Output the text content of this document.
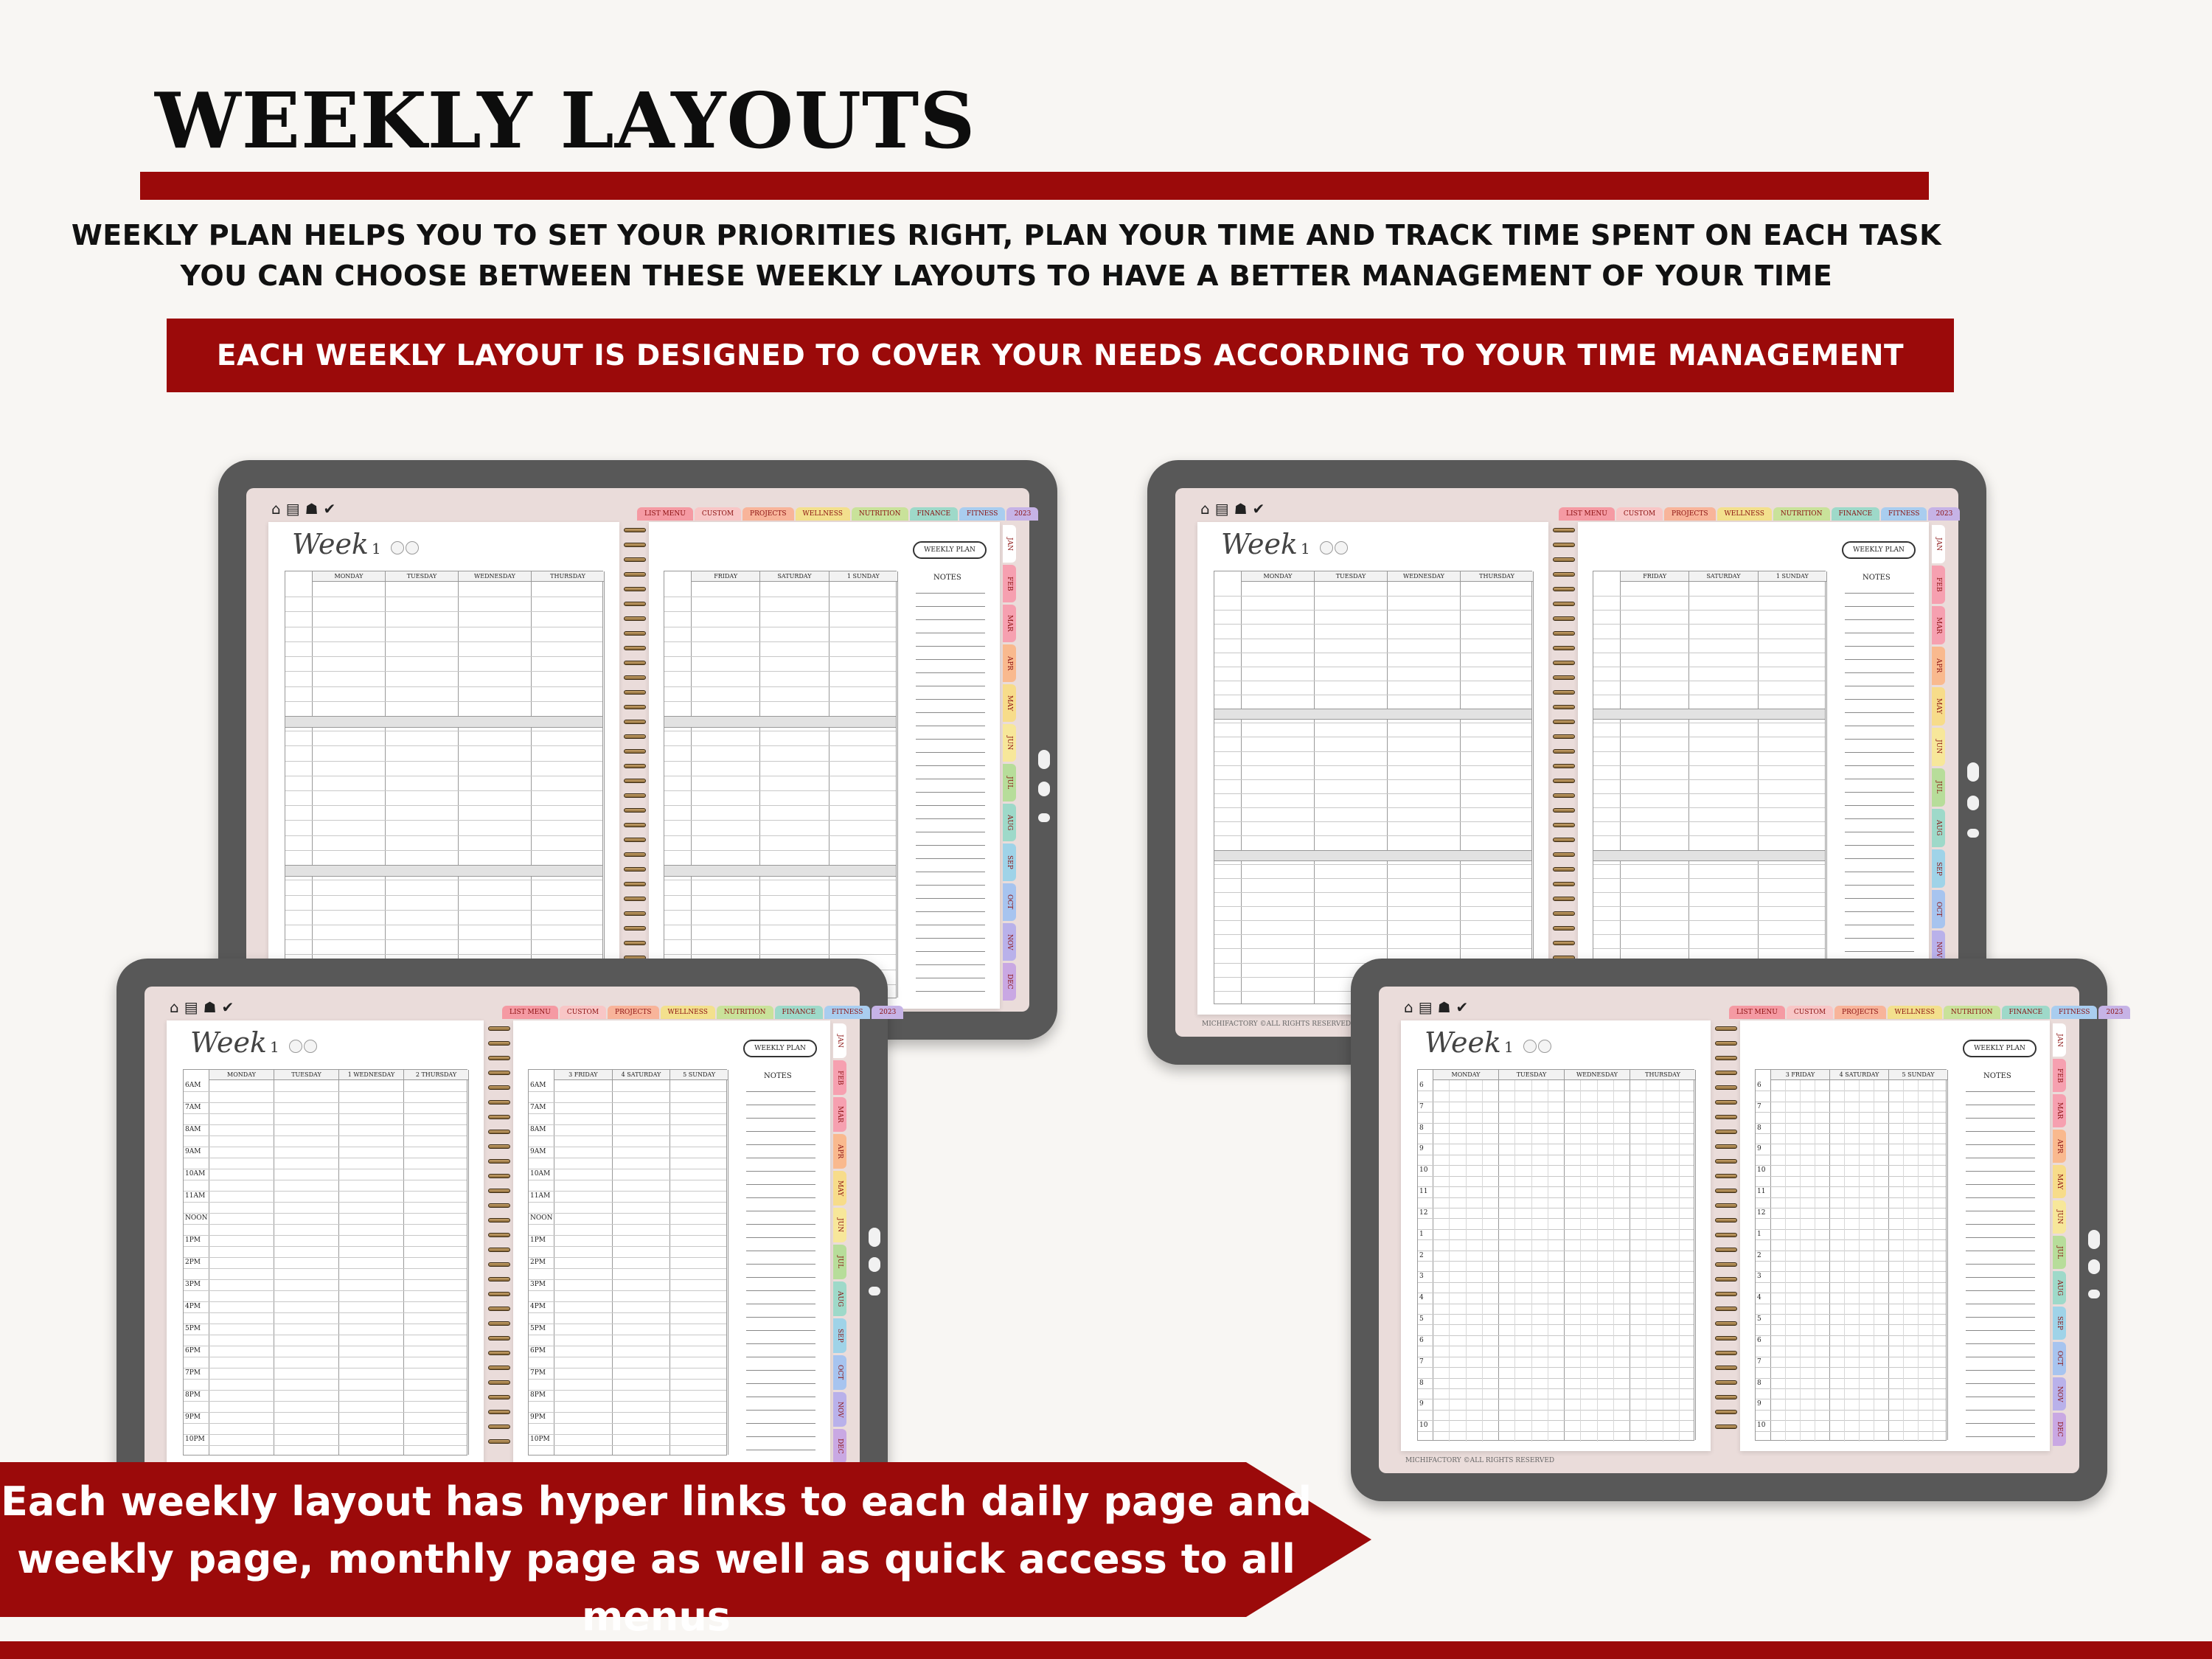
WEEKLY LAYOUTS
WEEKLY PLAN HELPS YOU TO SET YOUR PRIORITIES RIGHT, PLAN YOUR TIME AND TRACK TIME SPENT ON EACH TASK
YOU CAN CHOOSE BETWEEN THESE WEEKLY LAYOUTS TO HAVE A BETTER MANAGEMENT OF YOUR TIME
EACH WEEKLY LAYOUT IS DESIGNED TO COVER YOUR NEEDS ACCORDING TO YOUR TIME MANAGEMENT
⌂ ▤ ☗ ✔	LIST MENU	CUSTOM	PROJECTS	WELLNESS	NUTRITION	FINANCE	FITNESS	2023
Week 1
MONDAY	TUESDAY	WEDNESDAY	THURSDAY	FRIDAY	SATURDAY	1 SUNDAY
WEEKLY PLAN
NOTES
JAN
FEB
MAR
APR
MAY
JUN
JUL
AUG
SEP
OCT
NOV
DEC
⌂ ▤ ☗ ✔	LIST MENU	CUSTOM	PROJECTS	WELLNESS	NUTRITION	FINANCE	FITNESS	2023
Week 1
MONDAY	TUESDAY	WEDNESDAY	THURSDAY	FRIDAY	SATURDAY	1 SUNDAY
WEEKLY PLAN
NOTES
JAN
FEB
MAR
APR
MAY
JUN
JUL
AUG
SEP
OCT
NOV
MICHIFACTORY ©ALL RIGHTS RESERVED
⌂ ▤ ☗ ✔	LIST MENU	CUSTOM	PROJECTS	WELLNESS	NUTRITION	FINANCE	FITNESS	2023
Week 1
MONDAY	TUESDAY	1 WEDNESDAY	2 THURSDAY
6AM
7AM
8AM
9AM
10AM
11AM
NOON
1PM
2PM
3PM
4PM
5PM
6PM
7PM
8PM
9PM
10PM
3 FRIDAY	4 SATURDAY	5 SUNDAY
6AM
7AM
8AM
9AM
10AM
11AM
NOON
1PM
2PM
3PM
4PM
5PM
6PM
7PM
8PM
9PM
10PM
WEEKLY PLAN
NOTES
JAN
FEB
MAR
APR
MAY
JUN
JUL
AUG
SEP
OCT
NOV
DEC
⌂ ▤ ☗ ✔	LIST MENU	CUSTOM	PROJECTS	WELLNESS	NUTRITION	FINANCE	FITNESS	2023
Week 1
MONDAY	TUESDAY	WEDNESDAY	THURSDAY
6
7
8
9
10
11
12
1
2
3
4
5
6
7
8
9
10
3 FRIDAY	4 SATURDAY	5 SUNDAY
6
7
8
9
10
11
12
1
2
3
4
5
6
7
8
9
10
WEEKLY PLAN
NOTES
JAN
FEB
MAR
APR
MAY
JUN
JUL
AUG
SEP
OCT
NOV
DEC
MICHIFACTORY ©ALL RIGHTS RESERVED
Each weekly layout has hyper links to each daily page and
weekly page, monthly page as well as quick access to all menus
